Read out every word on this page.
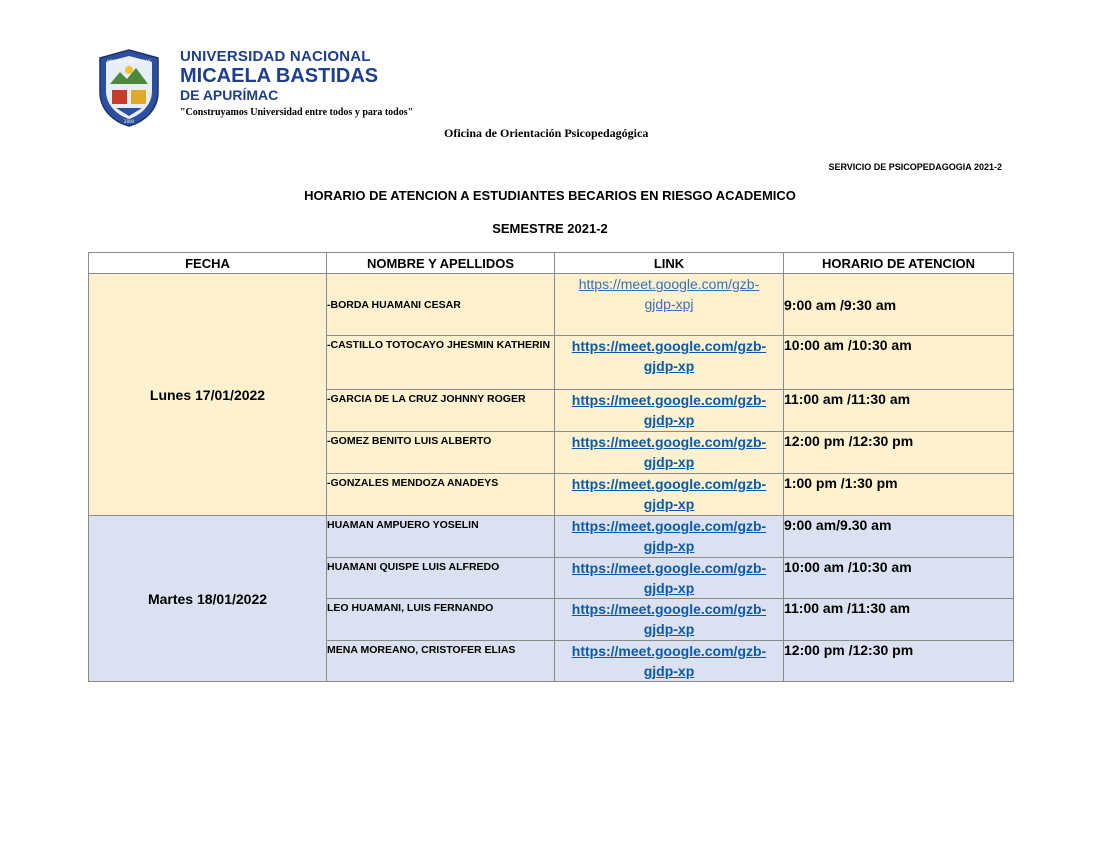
MICAELA BASTIDAS
2000
UNIVERSIDAD NACIONAL
MICAELA BASTIDAS
DE APURÍMAC
"Construyamos Universidad entre todos y para todos"
Oficina de Orientación Psicopedagógica
SERVICIO DE PSICOPEDAGOGIA 2021-2
HORARIO DE ATENCION A ESTUDIANTES BECARIOS EN RIESGO ACADEMICO
SEMESTRE 2021-2
FECHA	NOMBRE Y APELLIDOS	LINK	HORARIO DE ATENCION
Lunes 17/01/2022	-BORDA HUAMANI CESAR	https://meet.google.com/gzb-
gjdp-xpj	9:00 am /9:30 am
	-CASTILLO TOTOCAYO JHESMIN KATHERIN	https://meet.google.com/gzb-
gjdp-xp	10:00 am /10:30 am
	-GARCIA DE LA CRUZ JOHNNY ROGER	https://meet.google.com/gzb-
gjdp-xp	11:00 am /11:30 am
	-GOMEZ BENITO LUIS ALBERTO	https://meet.google.com/gzb-
gjdp-xp	12:00 pm /12:30 pm
	-GONZALES MENDOZA ANADEYS	https://meet.google.com/gzb-
gjdp-xp	1:00 pm /1:30 pm
Martes 18/01/2022	HUAMAN AMPUERO YOSELIN	https://meet.google.com/gzb-
gjdp-xp	9:00 am/9.30 am
	HUAMANI QUISPE LUIS ALFREDO	https://meet.google.com/gzb-
gjdp-xp	10:00 am /10:30 am
	LEO HUAMANI, LUIS FERNANDO	https://meet.google.com/gzb-
gjdp-xp	11:00 am /11:30 am
	MENA MOREANO, CRISTOFER ELIAS	https://meet.google.com/gzb-
gjdp-xp	12:00 pm /12:30 pm
